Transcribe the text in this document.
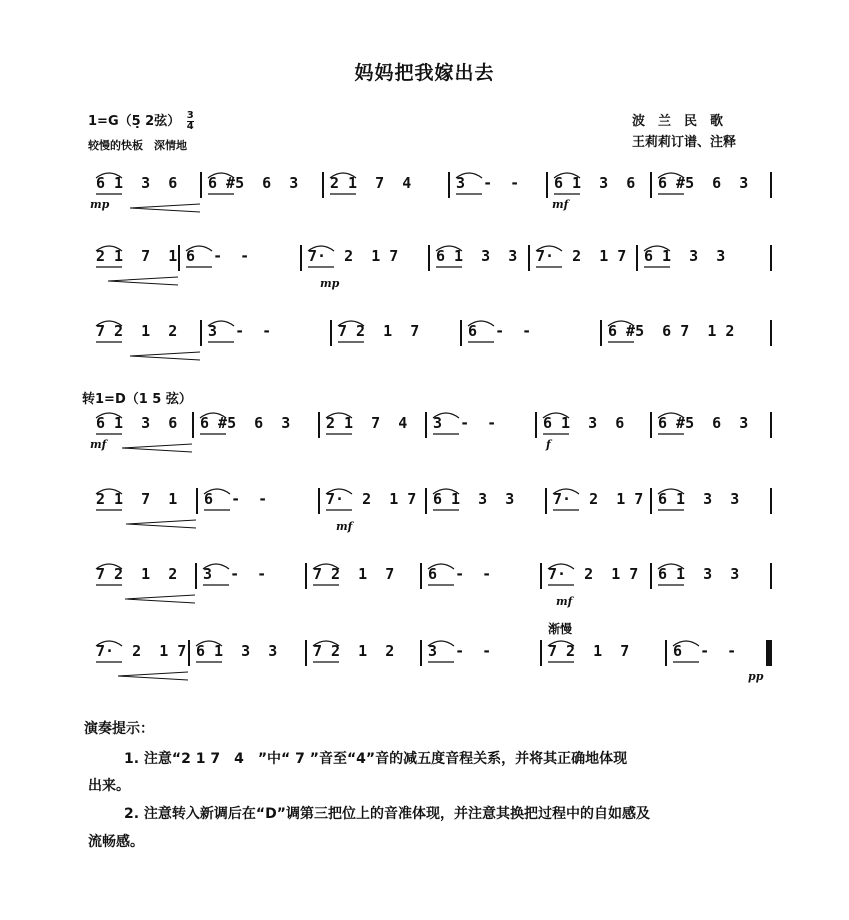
妈妈把我嫁出去
1=G（5̣ 2弦） $\frac{3}{4}$
较慢的快板　深情地
波　兰　民　歌
王莉莉订谱、注释
6 1  3  6	6 #5  6  3	2 1  7  4	3  -  -	6 1  3  6	6 #5  6  3
mp	mf
2 1  7  1 6  -  -	7·  2  1 7	6 1  3  3	7·  2  1 7	6 1  3  3
mp
7 2  1  2	3  -  -	7 2  1  7	6  -  -	6 #5  6 7  1 2
6 1  3  6	6 #5  6  3	2 1  7  4	3  -  -	6 1  3  6	6 #5  6  3
mf	f
2 1  7  1	6  -  -	7·  2  1 7	6 1  3  3	7·  2  1 7 6 1  3  3
mf
7 2  1  2	3  -  -	7 2  1  7	6  -  -	7·  2  1 7	6 1  3  3
mf
7·  2  1 7 6 1  3  3	7 2  1  2	3  -  -	7 2  1  7	6  -  -
pp
转1=D（1 5 弦）
渐慢
演奏提示：
1. 注意“2 1 7　4　 ”中“ 7 ”音至“4”音的减五度音程关系，并将其正确地体现
出来。
2. 注意转入新调后在“D”调第三把位上的音准体现，并注意其换把过程中的自如感及
流畅感。
